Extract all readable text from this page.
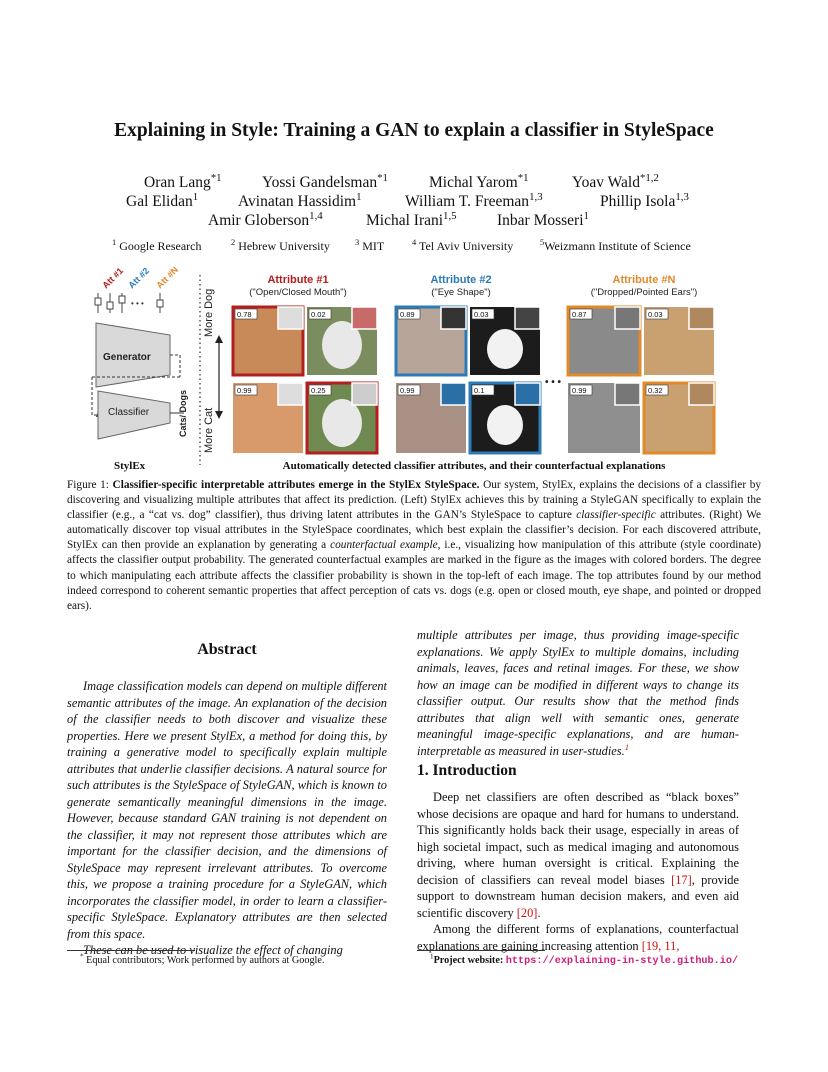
Explaining in Style: Training a GAN to explain a classifier in StyleSpace
Oran Lang$^{*1}$	Yossi Gandelsman$^{*1}$	Michal Yarom$^{*1}$	Yoav Wald$^{*1,2}$
Gal Elidan$^1$	Avinatan Hassidim$^1$	William T. Freeman$^{1,3}$	Phillip Isola$^{1,3}$
Amir Globerson$^{1,4}$	Michal Irani$^{1,5}$	Inbar Mosseri$^1$
$^1$ Google Research	$^2$ Hebrew University	$^3$ MIT	$^4$ Tel Aviv University	$^5$Weizmann Institute of Science
Att #1 Att #2 Att #N
• • •
Generator
Classifier	Cats/ Dogs
More Dog
More Cat
Attribute #1
("Open/Closed Mouth")
Attribute #2
("Eye Shape")
Attribute #N
("Dropped/Pointed Ears")
0.78	0.02
0.99	0.25
0.89	0.03
0.99	0.1
• • •
0.87	0.03
0.99	0.32
StylEx	Automatically detected classifier attributes, and their counterfactual explanations
Figure 1: Classifier-specific interpretable attributes emerge in the StylEx StyleSpace. Our system, StylEx, explains the decisions of a classifier by discovering and visualizing multiple attributes that affect its prediction. (Left) StylEx achieves this by training a StyleGAN specifically to explain the classifier (e.g., a “cat vs. dog” classifier), thus driving latent attributes in the GAN’s StyleSpace to capture classifier-specific attributes. (Right) We automatically discover top visual attributes in the StyleSpace coordinates, which best explain the classifier’s decision. For each discovered attribute, StylEx can then provide an explanation by generating a counterfactual example, i.e., visualizing how manipulation of this attribute (style coordinate) affects the classifier output probability. The generated counterfactual examples are marked in the figure as the images with colored borders. The degree to which manipulating each attribute affects the classifier probability is shown in the top-left of each image. The top attributes found by our method indeed correspond to coherent semantic properties that affect perception of cats vs. dogs (e.g. open or closed mouth, eye shape, and pointed or dropped ears).
Abstract

Image classification models can depend on multiple different semantic attributes of the image. An explanation of the decision of the classifier needs to both discover and visualize these properties. Here we present StylEx, a method for doing this, by training a generative model to specifically explain multiple attributes that underlie classifier decisions. A natural source for such attributes is the StyleSpace of StyleGAN, which is known to generate semantically meaningful dimensions in the image. However, because standard GAN training is not dependent on the classifier, it may not represent those attributes which are important for the classifier decision, and the dimensions of StyleSpace may represent irrelevant attributes. To overcome this, we propose a training procedure for a StyleGAN, which incorporates the classifier model, in order to learn a classifier-specific StyleSpace. Explanatory attributes are then selected from this space.

These can be used to visualize the effect of changing

multiple attributes per image, thus providing image-specific explanations. We apply StylEx to multiple domains, including animals, leaves, faces and retinal images. For these, we show how an image can be modified in different ways to change its classifier output. Our results show that the method finds attributes that align well with semantic ones, generate meaningful image-specific explanations, and are human-interpretable as measured in user-studies.$^1$
1. Introduction

Deep net classifiers are often described as “black boxes” whose decisions are opaque and hard for humans to understand. This significantly holds back their usage, especially in areas of high societal impact, such as medical imaging and autonomous driving, where human oversight is critical. Explaining the decision of classifiers can reveal model biases [17], provide support to downstream human decision makers, and even aid scientific discovery [20].

Among the different forms of explanations, counterfactual explanations are gaining increasing attention [19, 11,

* Equal contributors; Work performed by authors at Google.	$^1$Project website: https://explaining-in-style.github.io/
